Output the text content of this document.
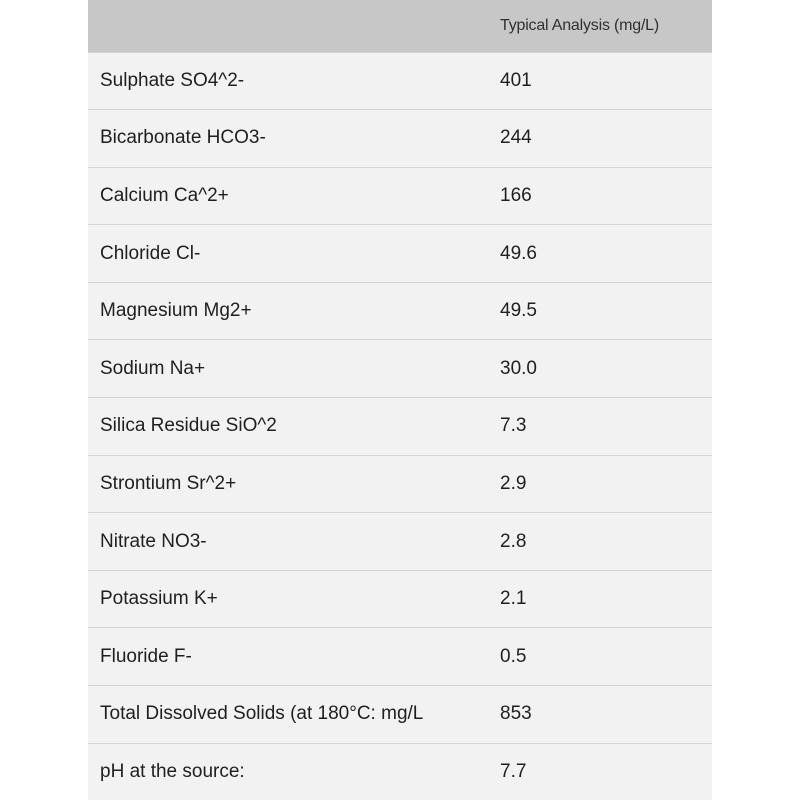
	Typical Analysis (mg/L)
Sulphate SO4^2-	401
Bicarbonate HCO3-	244
Calcium Ca^2+	166
Chloride Cl-	49.6
Magnesium Mg2+	49.5
Sodium Na+	30.0
Silica Residue SiO^2	7.3
Strontium Sr^2+	2.9
Nitrate NO3-	2.8
Potassium K+	2.1
Fluoride F-	0.5
Total Dissolved Solids (at 180°C: mg/L	853
pH at the source:	7.7
